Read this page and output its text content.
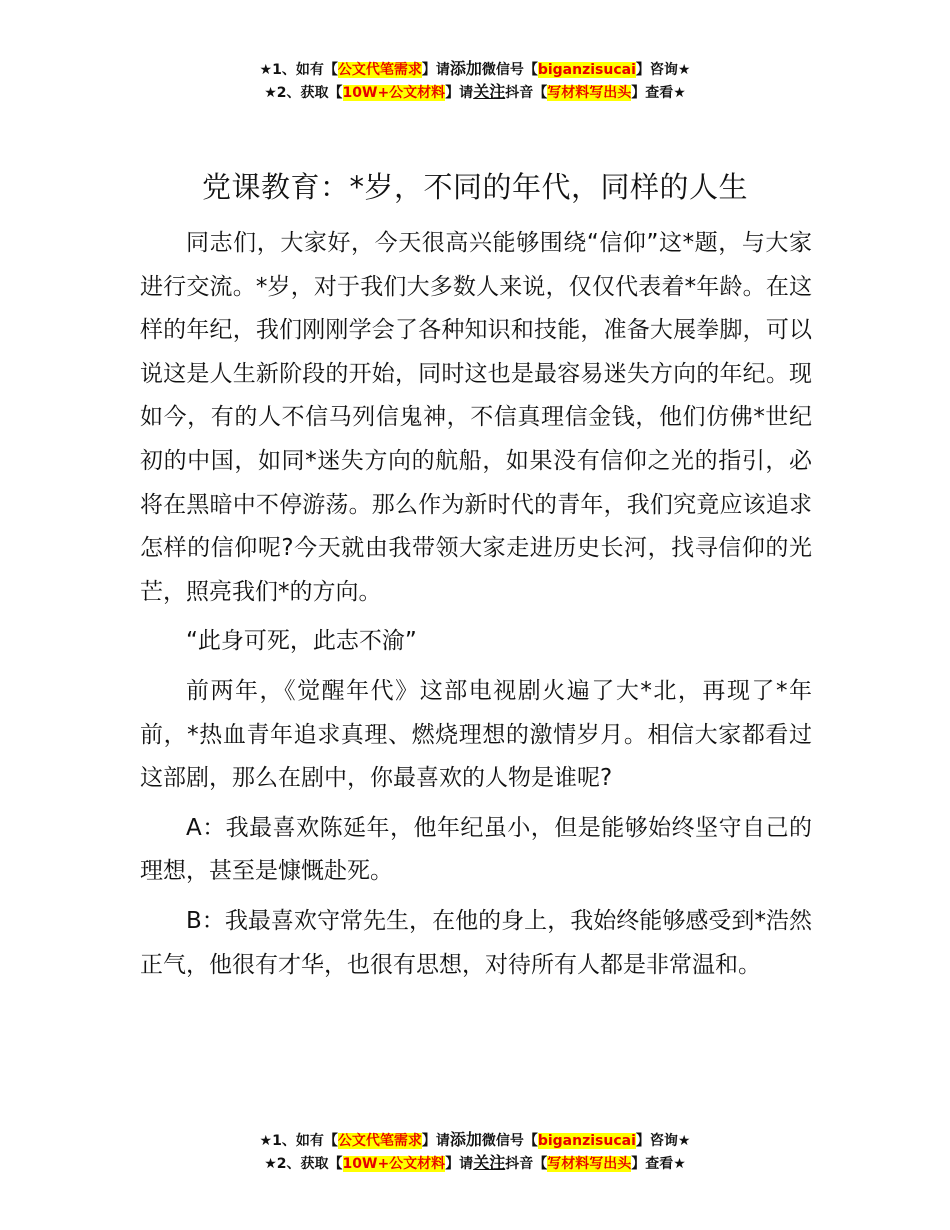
★1、如有【公文代笔需求】请添加微信号【biganzisucai】咨询★
★2、获取【10W+公文材料】请关注抖音【写材料写出头】查看★
党课教育：*岁，不同的年代，同样的人生

同志们，大家好，今天很高兴能够围绕“信仰”这*题，与大家进行交流。*岁，对于我们大多数人来说，仅仅代表着*年龄。在这样的年纪，我们刚刚学会了各种知识和技能，准备大展拳脚，可以说这是人生新阶段的开始，同时这也是最容易迷失方向的年纪。现如今，有的人不信马列信鬼神，不信真理信金钱，他们仿佛*世纪初的中国，如同*迷失方向的航船，如果没有信仰之光的指引，必将在黑暗中不停游荡。那么作为新时代的青年，我们究竟应该追求怎样的信仰呢?今天就由我带领大家走进历史长河，找寻信仰的光芒，照亮我们*的方向。

“此身可死，此志不渝”

前两年，《觉醒年代》这部电视剧火遍了大*北，再现了*年前，*热血青年追求真理、燃烧理想的激情岁月。相信大家都看过这部剧，那么在剧中，你最喜欢的人物是谁呢?

A：我最喜欢陈延年，他年纪虽小，但是能够始终坚守自己的理想，甚至是慷慨赴死。

B：我最喜欢守常先生，在他的身上，我始终能够感受到*浩然正气，他很有才华，也很有思想，对待所有人都是非常温和。

★1、如有【公文代笔需求】请添加微信号【biganzisucai】咨询★
★2、获取【10W+公文材料】请关注抖音【写材料写出头】查看★
